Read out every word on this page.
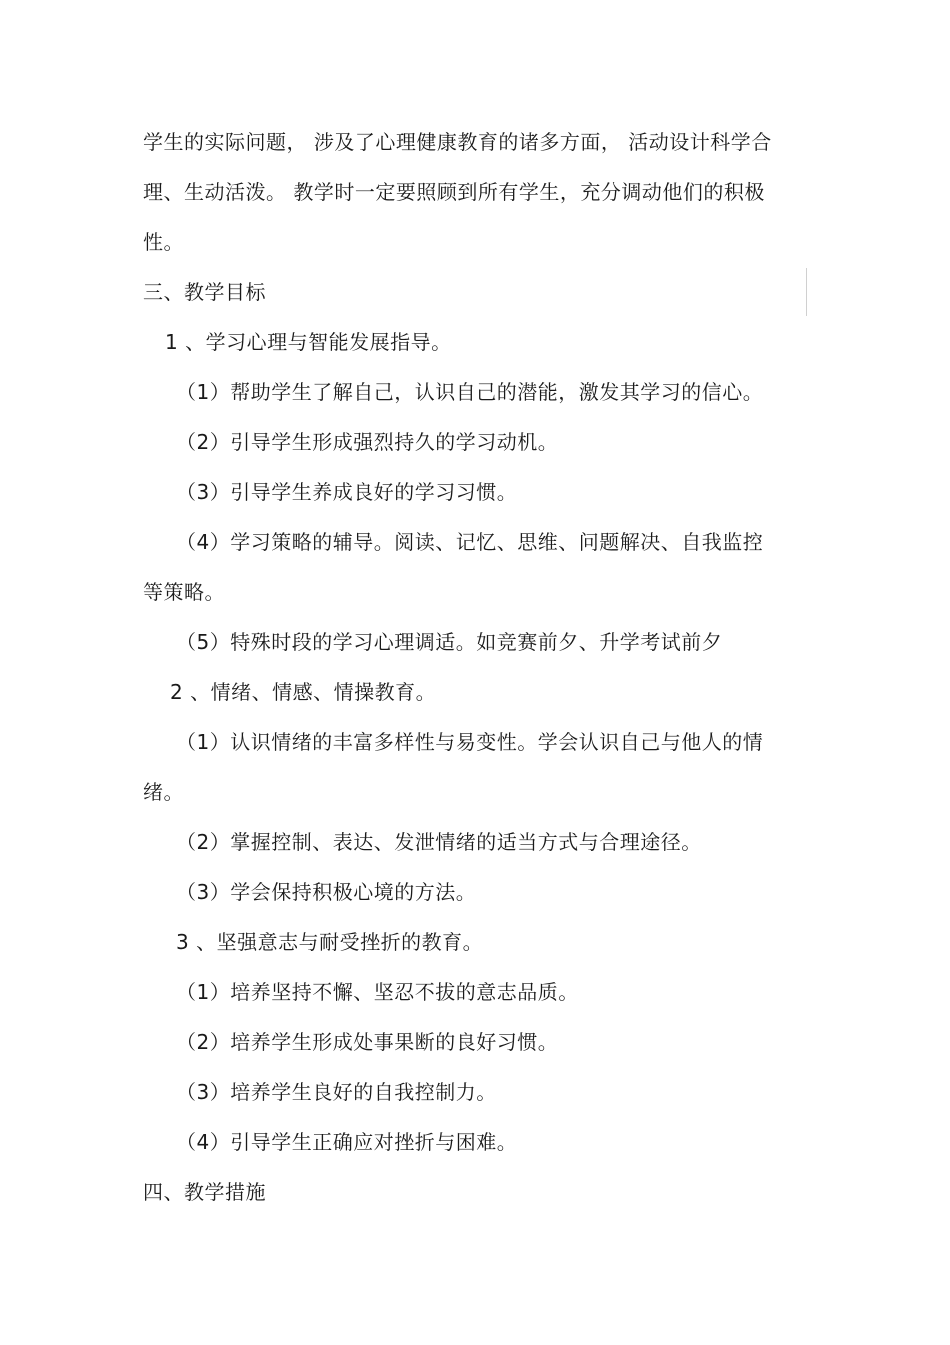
学生的实际问题， 涉及了心理健康教育的诸多方面， 活动设计科学合
理、生动活泼。 教学时一定要照顾到所有学生，充分调动他们的积极
性。
三、教学目标
1 、学习心理与智能发展指导。
（1）帮助学生了解自己，认识自己的潜能，激发其学习的信心。
（2）引导学生形成强烈持久的学习动机。
（3）引导学生养成良好的学习习惯。
（4）学习策略的辅导。阅读、记忆、思维、问题解决、自我监控
等策略。
（5）特殊时段的学习心理调适。如竞赛前夕、升学考试前夕
2 、情绪、情感、情操教育。
（1）认识情绪的丰富多样性与易变性。学会认识自己与他人的情
绪。
（2）掌握控制、表达、发泄情绪的适当方式与合理途径。
（3）学会保持积极心境的方法。
3 、坚强意志与耐受挫折的教育。
（1）培养坚持不懈、坚忍不拔的意志品质。
（2）培养学生形成处事果断的良好习惯。
（3）培养学生良好的自我控制力。
（4）引导学生正确应对挫折与困难。
四、教学措施
